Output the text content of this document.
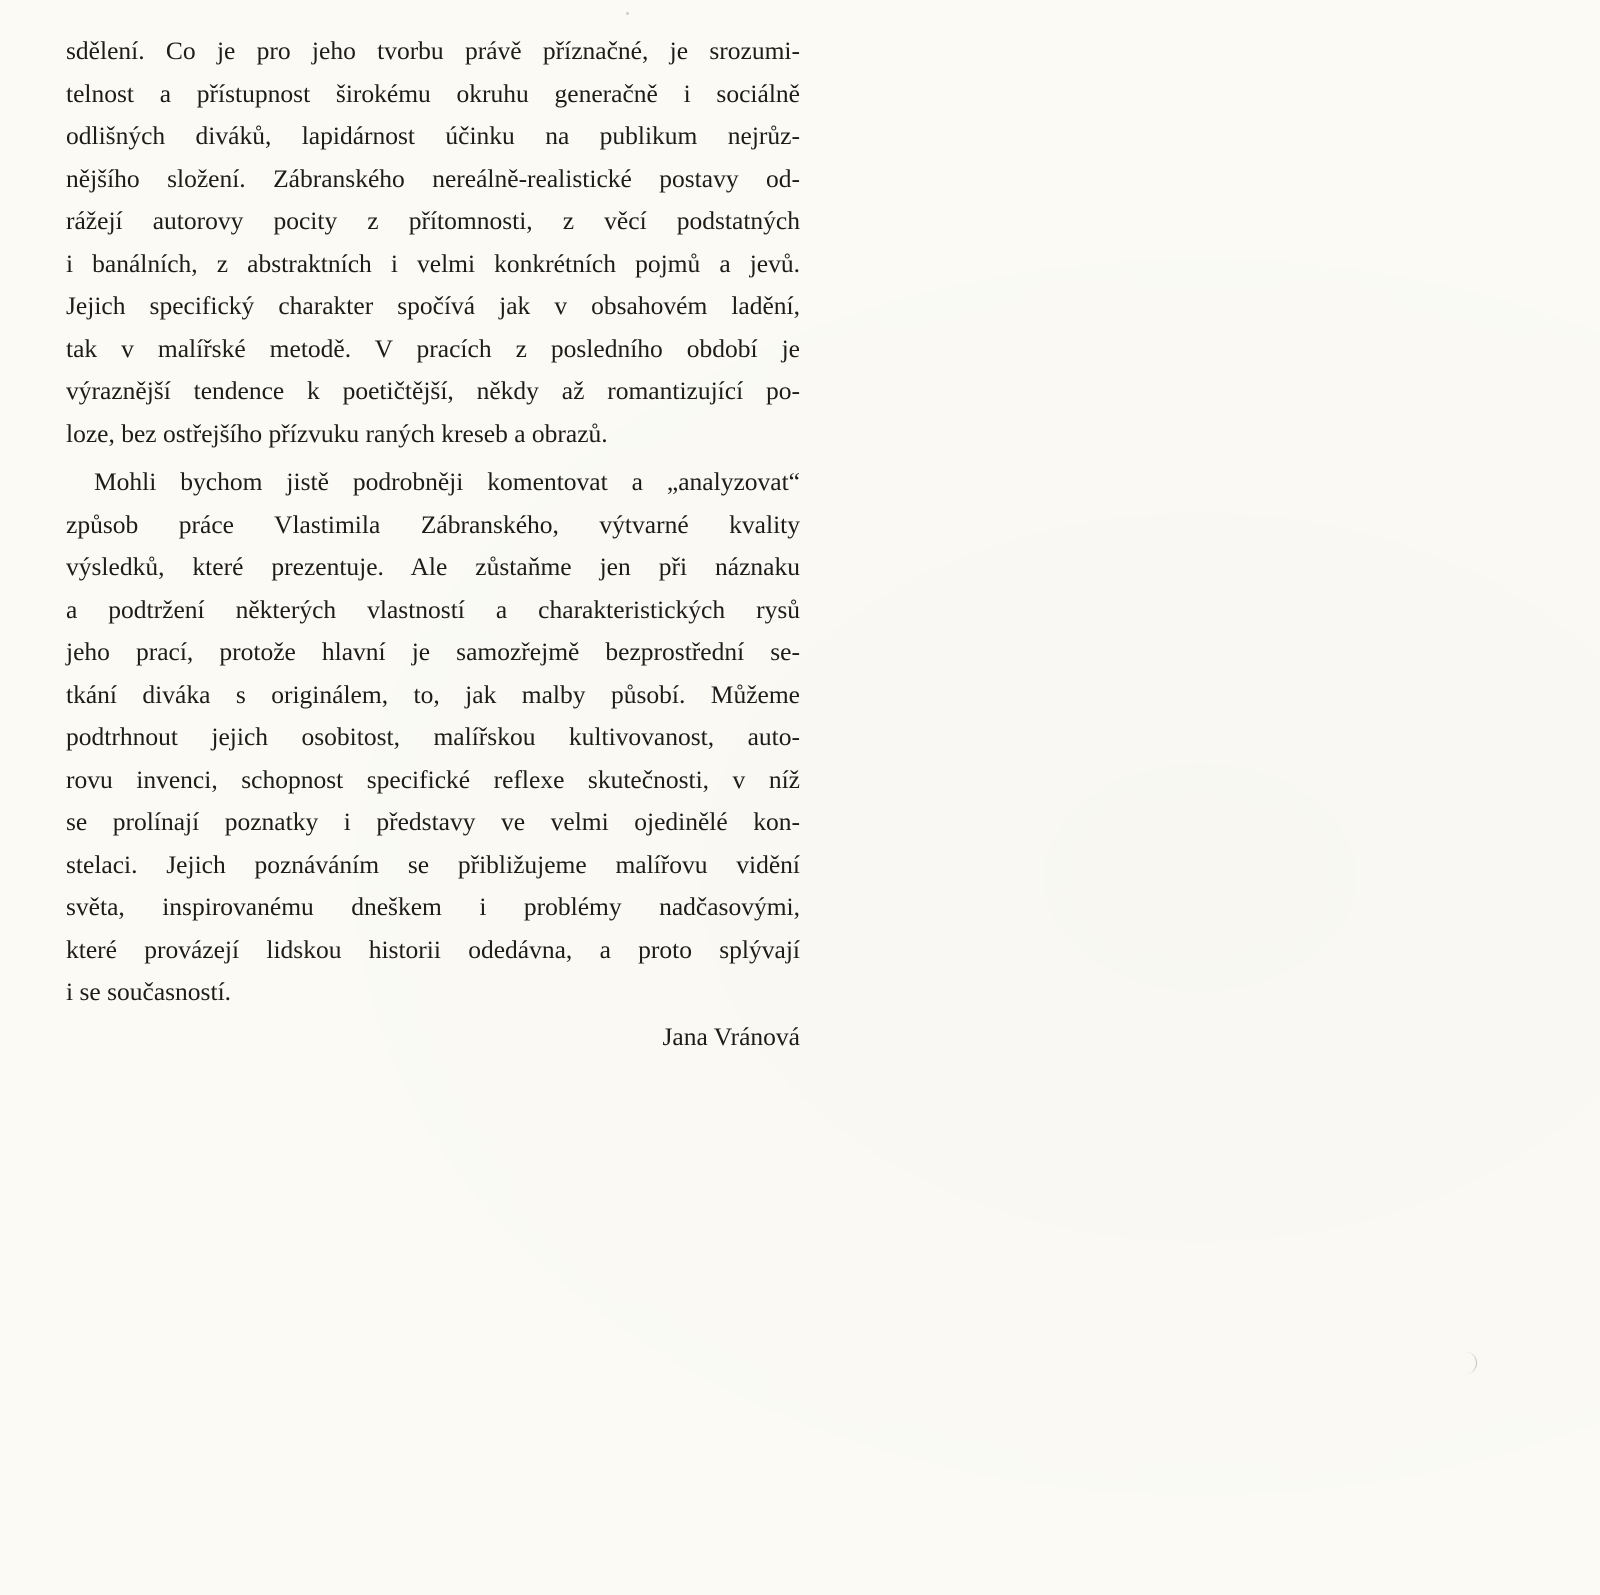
sdělení. Co je pro jeho tvorbu právě příznačné, je srozumi-
telnost a přístupnost širokému okruhu generačně i sociálně
odlišných diváků, lapidárnost účinku na publikum nejrůz-
nějšího složení. Zábranského nereálně-realistické postavy od-
rážejí autorovy pocity z přítomnosti, z věcí podstatných
i banálních, z abstraktních i velmi konkrétních pojmů a jevů.
Jejich specifický charakter spočívá jak v obsahovém ladění,
tak v malířské metodě. V pracích z posledního období je
výraznější tendence k poetičtější, někdy až romantizující po-
loze, bez ostřejšího přízvuku raných kreseb a obrazů.

Mohli bychom jistě podrobněji komentovat a „analyzovat“
způsob práce Vlastimila Zábranského, výtvarné kvality
výsledků, které prezentuje. Ale zůstaňme jen při náznaku
a podtržení některých vlastností a charakteristických rysů
jeho prací, protože hlavní je samozřejmě bezprostřední se-
tkání diváka s originálem, to, jak malby působí. Můžeme
podtrhnout jejich osobitost, malířskou kultivovanost, auto-
rovu invenci, schopnost specifické reflexe skutečnosti, v níž
se prolínají poznatky i představy ve velmi ojedinělé kon-
stelaci. Jejich poznáváním se přibližujeme malířovu vidění
světa, inspirovanému dneškem i problémy nadčasovými,
které provázejí lidskou historii odedávna, a proto splývají
i se současností.

Jana Vránová
